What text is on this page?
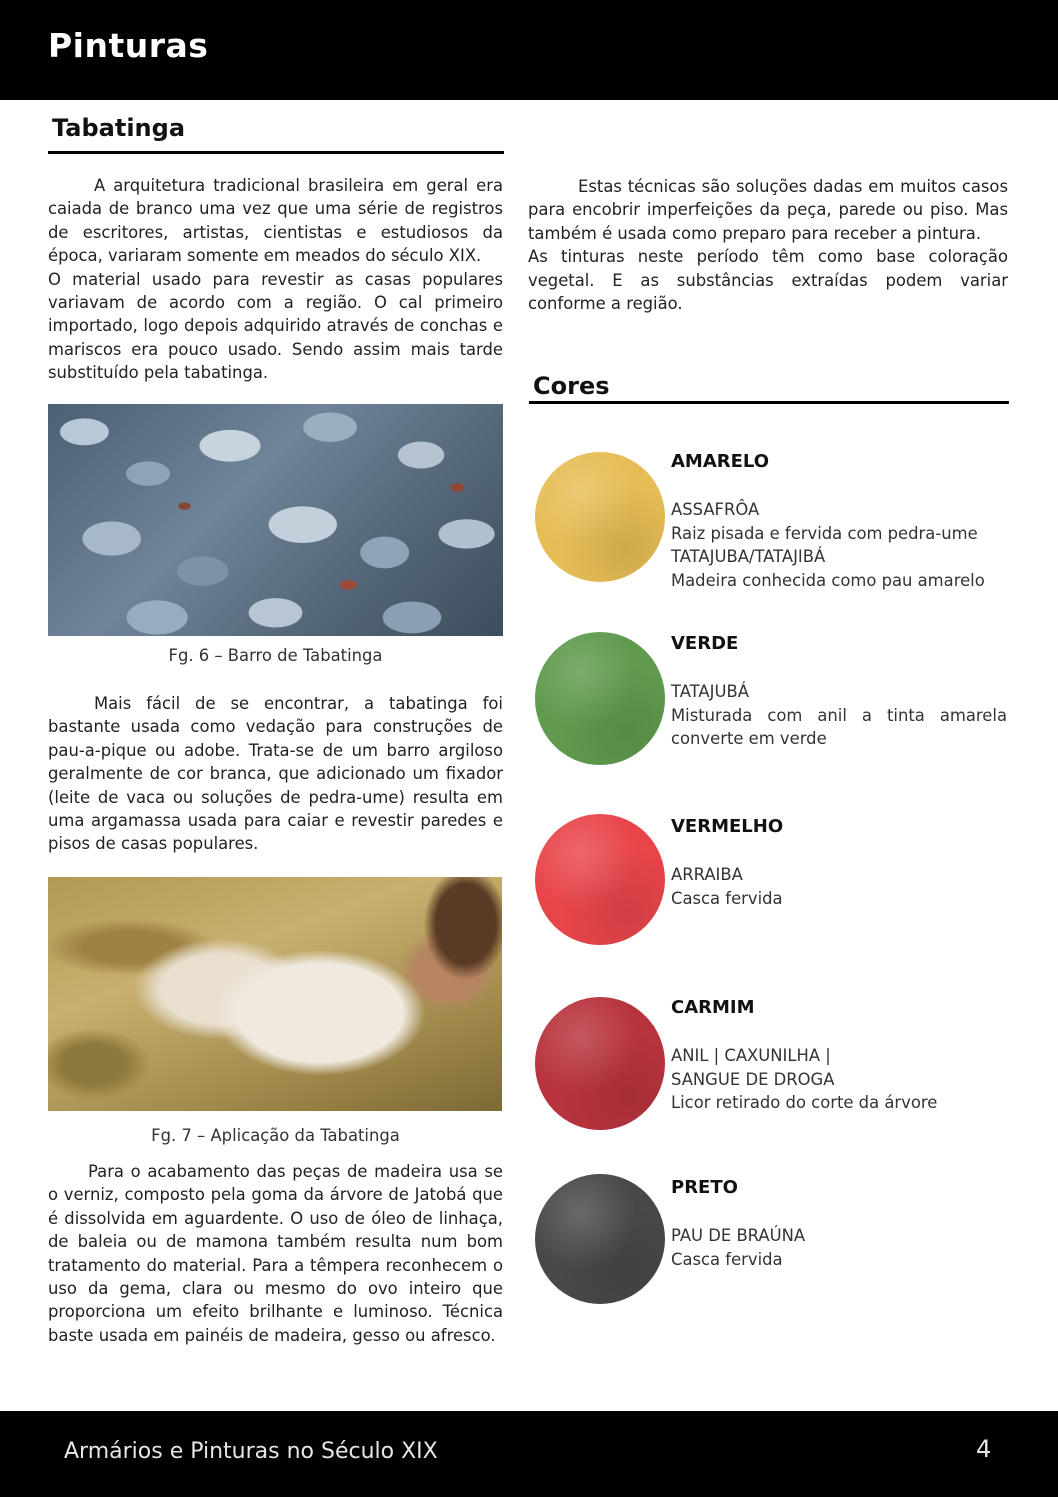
Pinturas
Tabatinga
A arquitetura tradicional brasileira em geral era caiada de branco uma vez que uma série de registros de escritores, artistas, cientistas e estudiosos da época, variaram somente em meados do século XIX.
O material usado para revestir as casas populares variavam de acordo com a região. O cal primeiro importado, logo depois adquirido através de conchas e mariscos era pouco usado. Sendo assim mais tarde substituído pela tabatinga.
Fg. 6 – Barro de Tabatinga
Mais fácil de se encontrar, a tabatinga foi bastante usada como vedação para construções de pau-a-pique ou adobe. Trata-se de um barro argiloso geralmente de cor branca, que adicionado um fixador (leite de vaca ou soluções de pedra-ume) resulta em uma argamassa usada para caiar e revestir paredes e pisos de casas populares.
Fg. 7 – Aplicação da Tabatinga
Para o acabamento das peças de madeira usa se o verniz, composto pela goma da árvore de Jatobá que é dissolvida em aguardente. O uso de óleo de linhaça, de baleia ou de mamona também resulta num bom tratamento do material. Para a têmpera reconhecem o uso da gema, clara ou mesmo do ovo inteiro que proporciona um efeito brilhante e luminoso. Técnica baste usada em painéis de madeira, gesso ou afresco.
Estas técnicas são soluções dadas em muitos casos para encobrir imperfeições da peça, parede ou piso. Mas também é usada como preparo para receber a pintura.
As tinturas neste período têm como base coloração vegetal. E as substâncias extraídas podem variar conforme a região.
Cores
AMARELO
ASSAFRÔA
Raiz pisada e fervida com pedra-ume
TATAJUBA/TATAJIBÁ
Madeira conhecida como pau amarelo
VERDE
TATAJUBÁ
Misturada com anil a tinta amarela converte em verde
VERMELHO
ARRAIBA
Casca fervida
CARMIM
ANIL | CAXUNILHA |
SANGUE DE DROGA
Licor retirado do corte da árvore
PRETO
PAU DE BRAÚNA
Casca fervida
Armários e Pinturas no Século XIX	4
